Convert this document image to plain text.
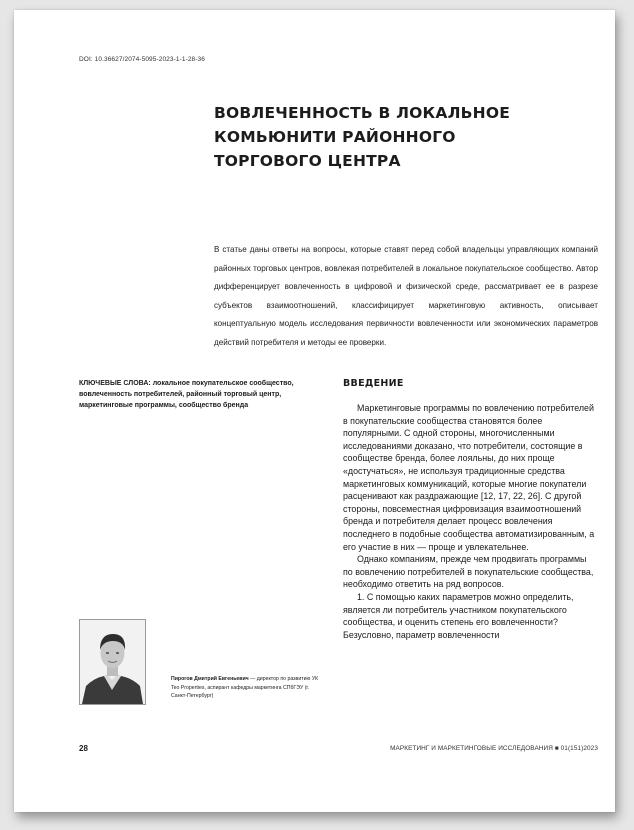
DOI: 10.36627/2074-5095-2023-1-1-28-36
ВОВЛЕЧЕННОСТЬ В ЛОКАЛЬНОЕ КОМЬЮНИТИ РАЙОННОГО ТОРГОВОГО ЦЕНТРА
В статье даны ответы на вопросы, которые ставят перед собой владельцы управляющих компаний районных торговых центров, вовлекая потребителей в локальное покупательское сообщество. Автор дифференцирует вовлеченность в цифровой и физической среде, рассматривает ее в разрезе субъектов взаимоотношений, классифицирует маркетинговую активность, описывает концептуальную модель исследования первичности вовлеченности или экономических параметров действий потребителя и методы ее проверки.
КЛЮЧЕВЫЕ СЛОВА: локальное покупательское сообщество, вовлеченность потребителей, районный торговый центр, маркетинговые программы, сообщество бренда
ВВЕДЕНИЕ

Маркетинговые программы по вовлечению потребителей в покупательские сообщества становятся более популярными. С одной стороны, многочисленными исследованиями доказано, что потребители, состоящие в сообществе бренда, более лояльны, до них проще «достучаться», не используя традиционные средства маркетинговых коммуникаций, которые многие покупатели расценивают как раздражающие [12, 17, 22, 26]. С другой стороны, повсеместная цифровизация взаимоотношений бренда и потребителя делает процесс вовлечения последнего в подобные сообщества автоматизированным, а его участие в них — проще и увлекательнее.

Однако компаниям, прежде чем продвигать программы по вовлечению потребителей в покупательские сообщества, необходимо ответить на ряд вопросов.

1. С помощью каких параметров можно определить, является ли потребитель участником покупательского сообщества, и оценить степень его вовлеченности? Безусловно, параметр вовлеченности

Пирогов Дмитрий Евгеньевич — директор по развитию УК Teo Properties, аспирант кафедры маркетинга СПбГЭУ (г. Санкт-Петербург)
28	МАРКЕТИНГ И МАРКЕТИНГОВЫЕ ИССЛЕДОВАНИЯ ■ 01(151)2023
